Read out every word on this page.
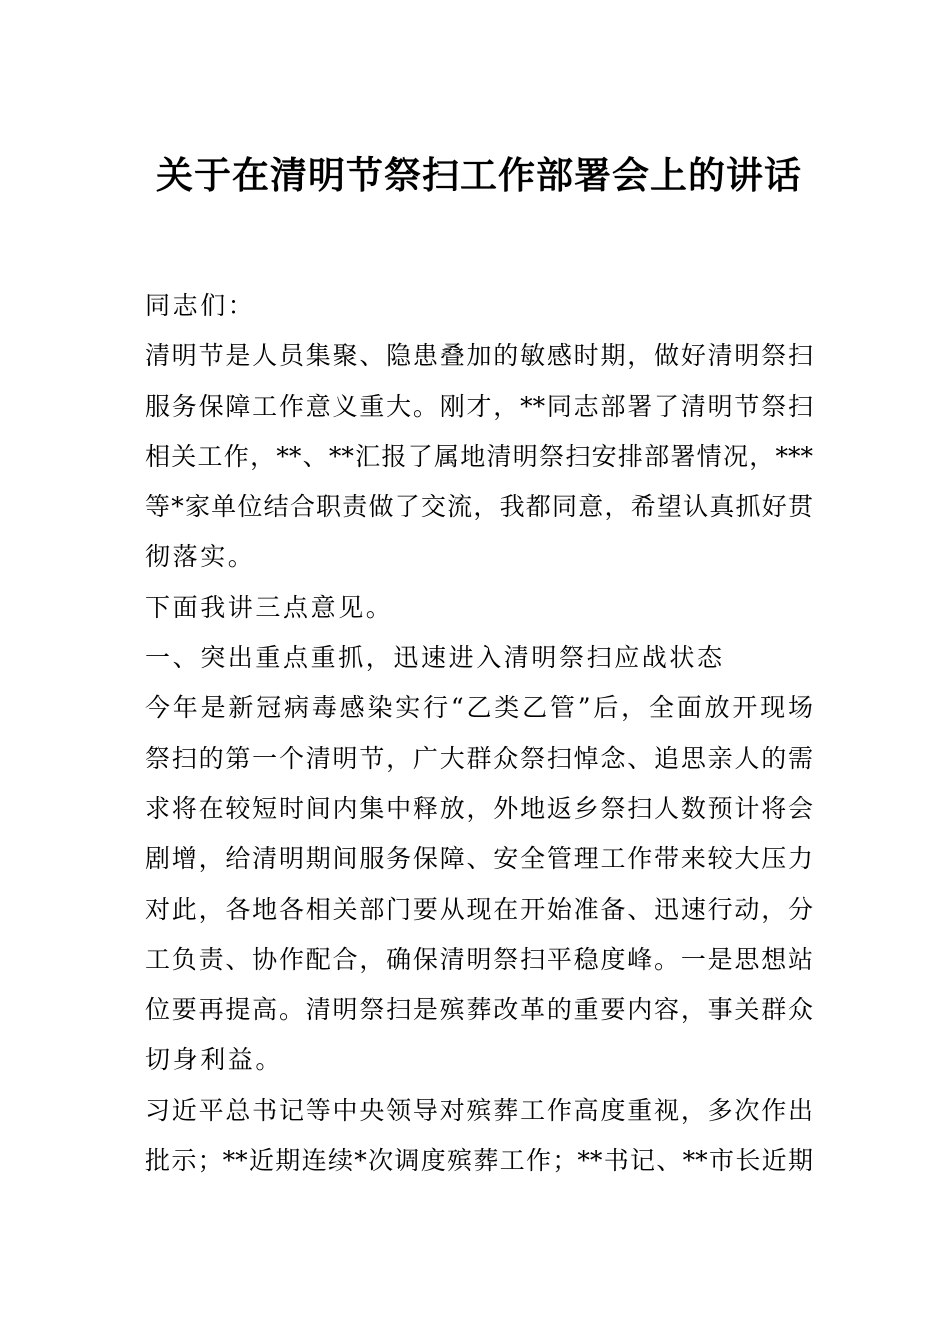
关于在清明节祭扫工作部署会上的讲话
同志们：
清明节是人员集聚、隐患叠加的敏感时期，做好清明祭扫
服务保障工作意义重大。刚才，**同志部署了清明节祭扫
相关工作，**、**汇报了属地清明祭扫安排部署情况，***
等*家单位结合职责做了交流，我都同意，希望认真抓好贯
彻落实。
下面我讲三点意见。
一、突出重点重抓，迅速进入清明祭扫应战状态
今年是新冠病毒感染实行“乙类乙管”后，全面放开现场
祭扫的第一个清明节，广大群众祭扫悼念、追思亲人的需
求将在较短时间内集中释放，外地返乡祭扫人数预计将会
剧增，给清明期间服务保障、安全管理工作带来较大压力
对此，各地各相关部门要从现在开始准备、迅速行动，分
工负责、协作配合，确保清明祭扫平稳度峰。一是思想站
位要再提高。清明祭扫是殡葬改革的重要内容，事关群众
切身利益。
习近平总书记等中央领导对殡葬工作高度重视，多次作出
批示；**近期连续*次调度殡葬工作；**书记、**市长近期
